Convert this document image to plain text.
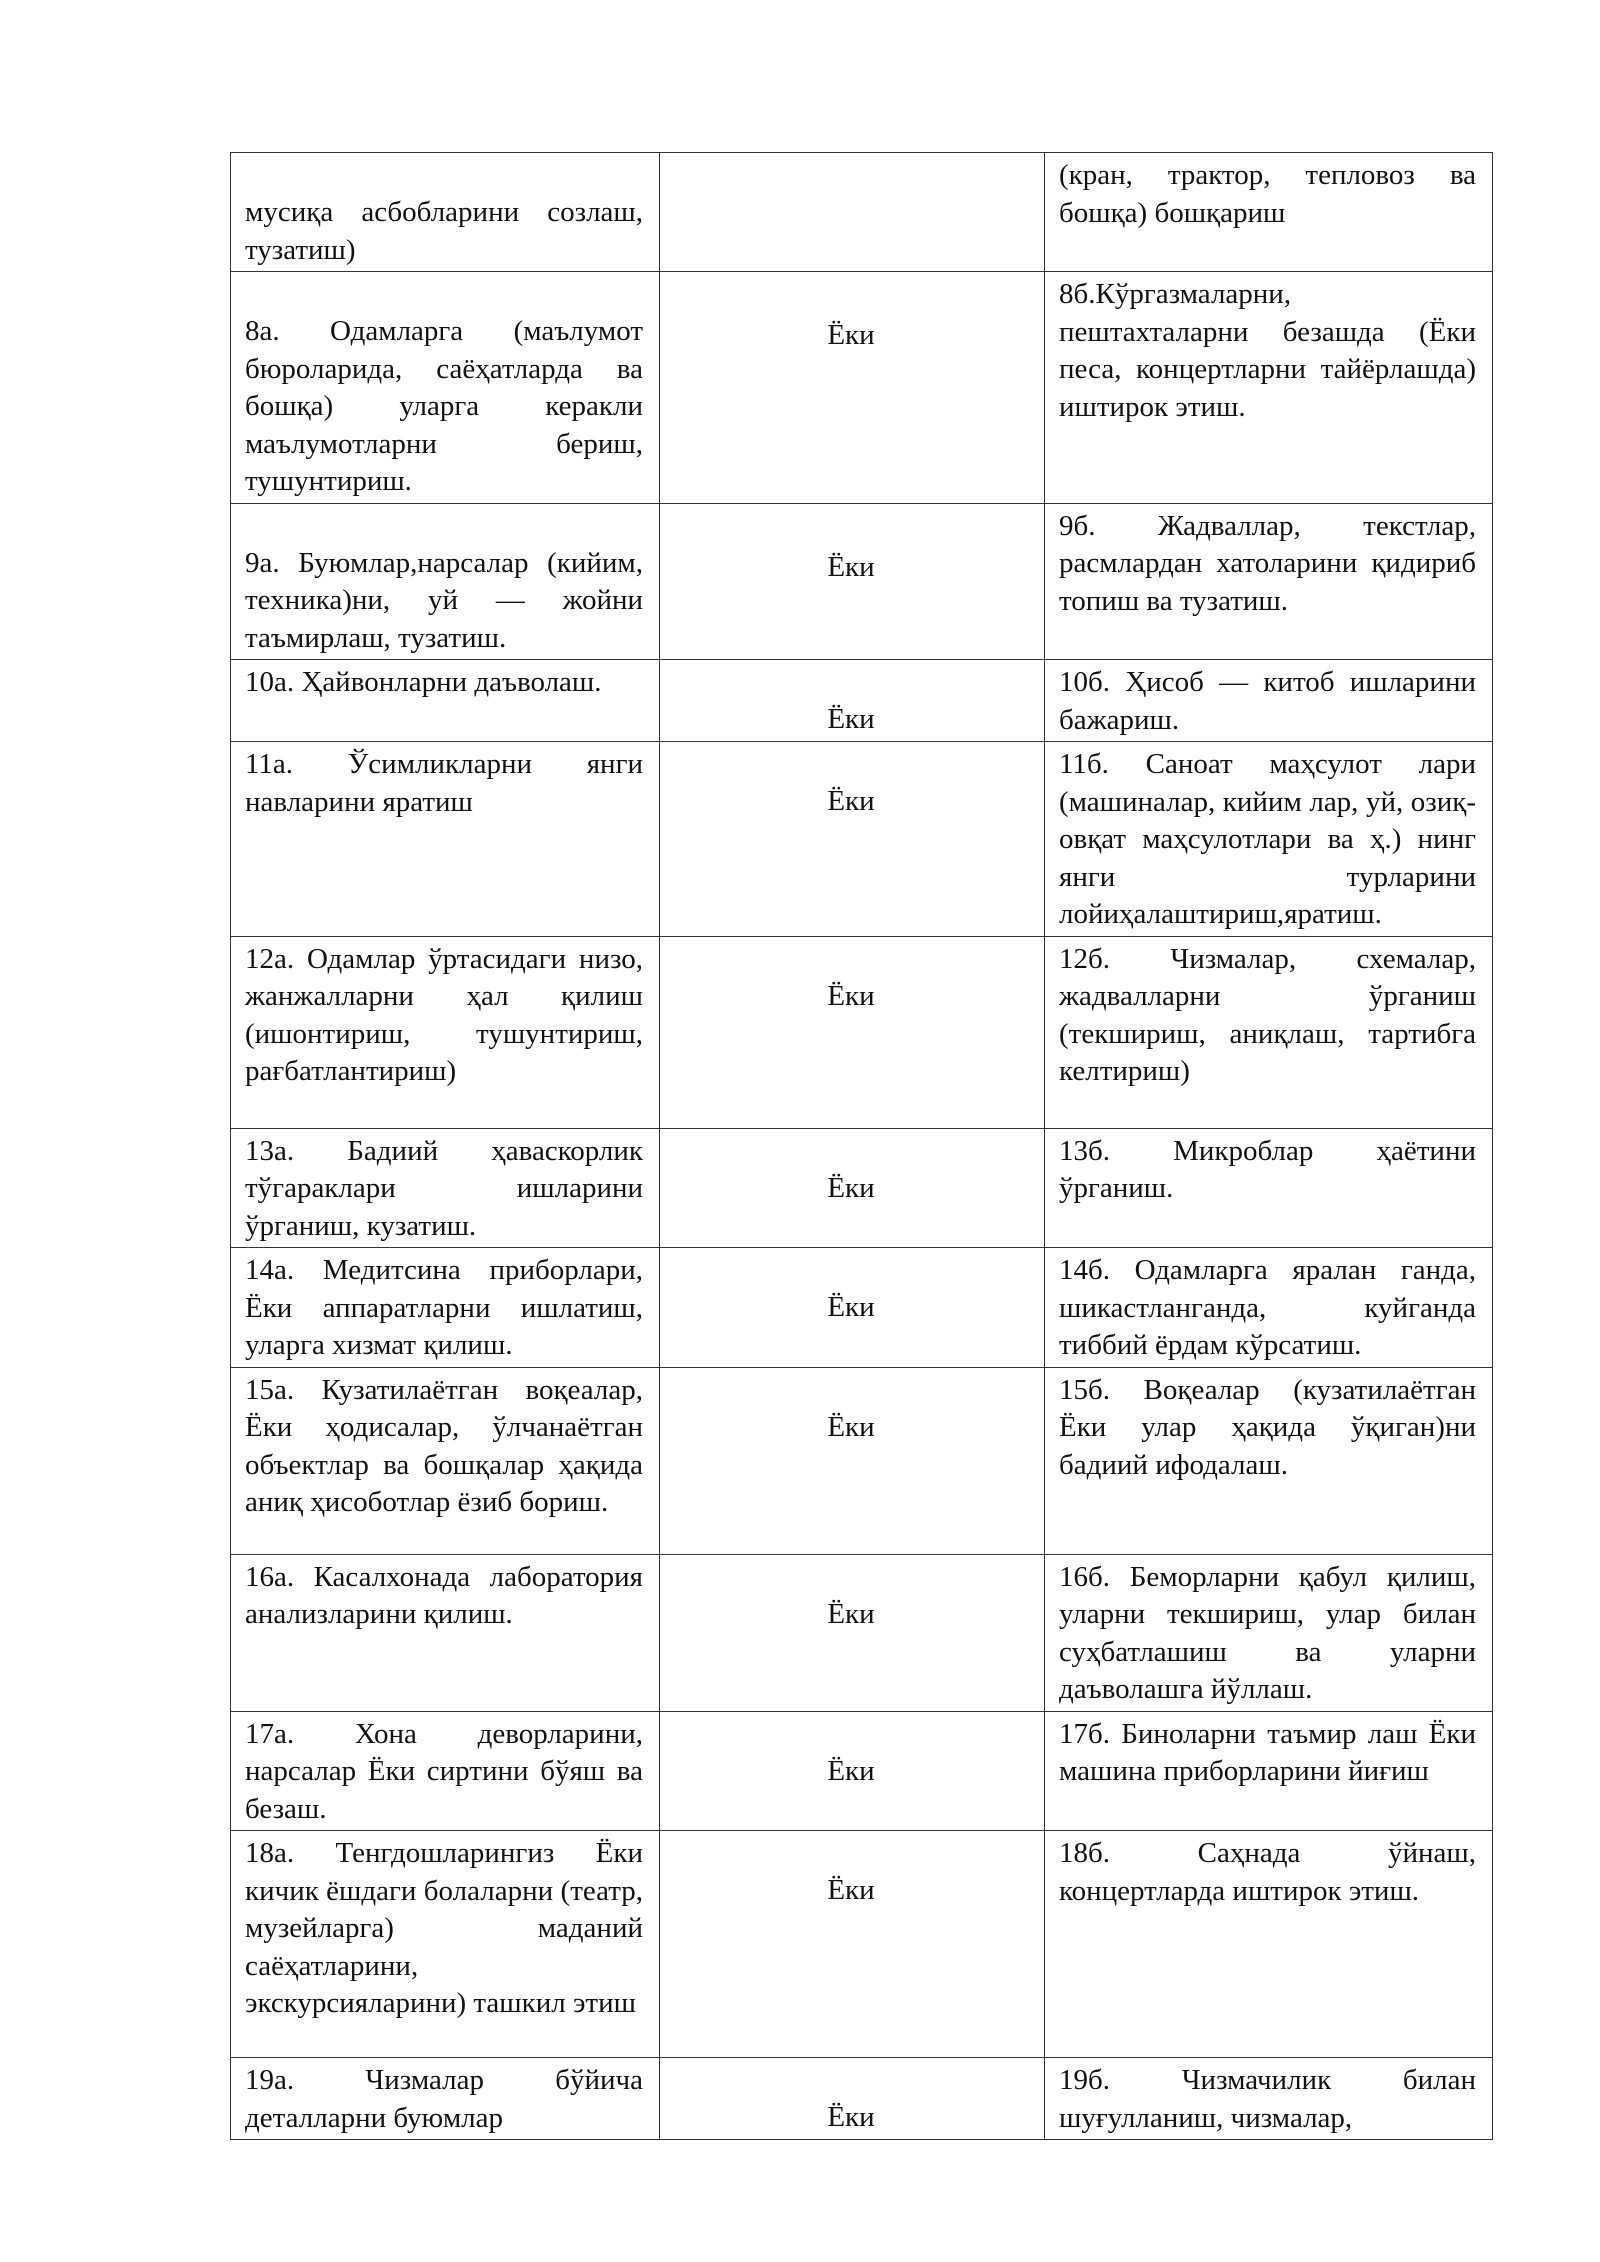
мусиқа асбобларини созлаш, тузатиш)		(кран, трактор, тепловоз ва бошқа) бошқариш

8а. Одамларга (маълумот бюроларида, саёҳатларда ва бошқа) уларга керакли маълумотларни бериш, тушунтириш.	Ёки	8б.Кўргазмаларни, пештахталарни безашда (Ёки песа, концертларни тайёрлашда) иштирок этиш.

9а. Буюмлар,нарсалар (кийим, техника)ни, уй — жойни таъмирлаш, тузатиш.	Ёки	9б. Жадваллар, текстлар, расмлардан хатоларини қидириб топиш ва тузатиш.

10а. Ҳайвонларни даъволаш.	Ёки	10б. Ҳисоб — китоб ишларини бажариш.

11а. Ўсимликларни янги навларини яратиш	Ёки	11б. Саноат маҳсулот лари (машиналар, кийим лар, уй, озиқ-овқат маҳсулотлари ва ҳ.) нинг янги турларини лойиҳалаштириш,яратиш.

12а. Одамлар ўртасидаги низо, жанжалларни ҳал қилиш (ишонтириш, тушунтириш, рағбатлантириш)	Ёки	12б. Чизмалар, схемалар, жадвалларни ўрганиш (текшириш, аниқлаш, тартибга келтириш)

13а. Бадиий ҳаваскорлик тўгараклари ишларини ўрганиш, кузатиш.	Ёки	13б. Микроблар ҳаётини ўрганиш.

14а. Медитсина приборлари, Ёки аппаратларни ишлатиш, уларга хизмат қилиш.	Ёки	14б. Одамларга яралан ганда, шикастланганда, куйганда тиббий ёрдам кўрсатиш.

15а. Кузатилаётган воқеалар, Ёки ҳодисалар, ўлчанаётган объектлар ва бошқалар ҳақида аниқ ҳисоботлар ёзиб бориш.	Ёки	15б. Воқеалар (кузатилаётган Ёки улар ҳақида ўқиган)ни бадиий ифодалаш.

16а. Касалхонада лаборатория анализларини қилиш.	Ёки	16б. Беморларни қабул қилиш, уларни текшириш, улар билан суҳбатлашиш ва уларни даъволашга йўллаш.

17а. Хона деворларини, нарсалар Ёки сиртини бўяш ва безаш.	Ёки	17б. Биноларни таъмир лаш Ёки машина приборларини йиғиш

18а. Тенгдошларингиз Ёки кичик ёшдаги болаларни (театр, музейларга) маданий саёҳатларини, экскурсияларини) ташкил этиш	Ёки	18б. Саҳнада ўйнаш, концертларда иштирок этиш.

19а. Чизмалар бўйича деталларни буюмлар	Ёки	19б. Чизмачилик билан шуғулланиш, чизмалар,
